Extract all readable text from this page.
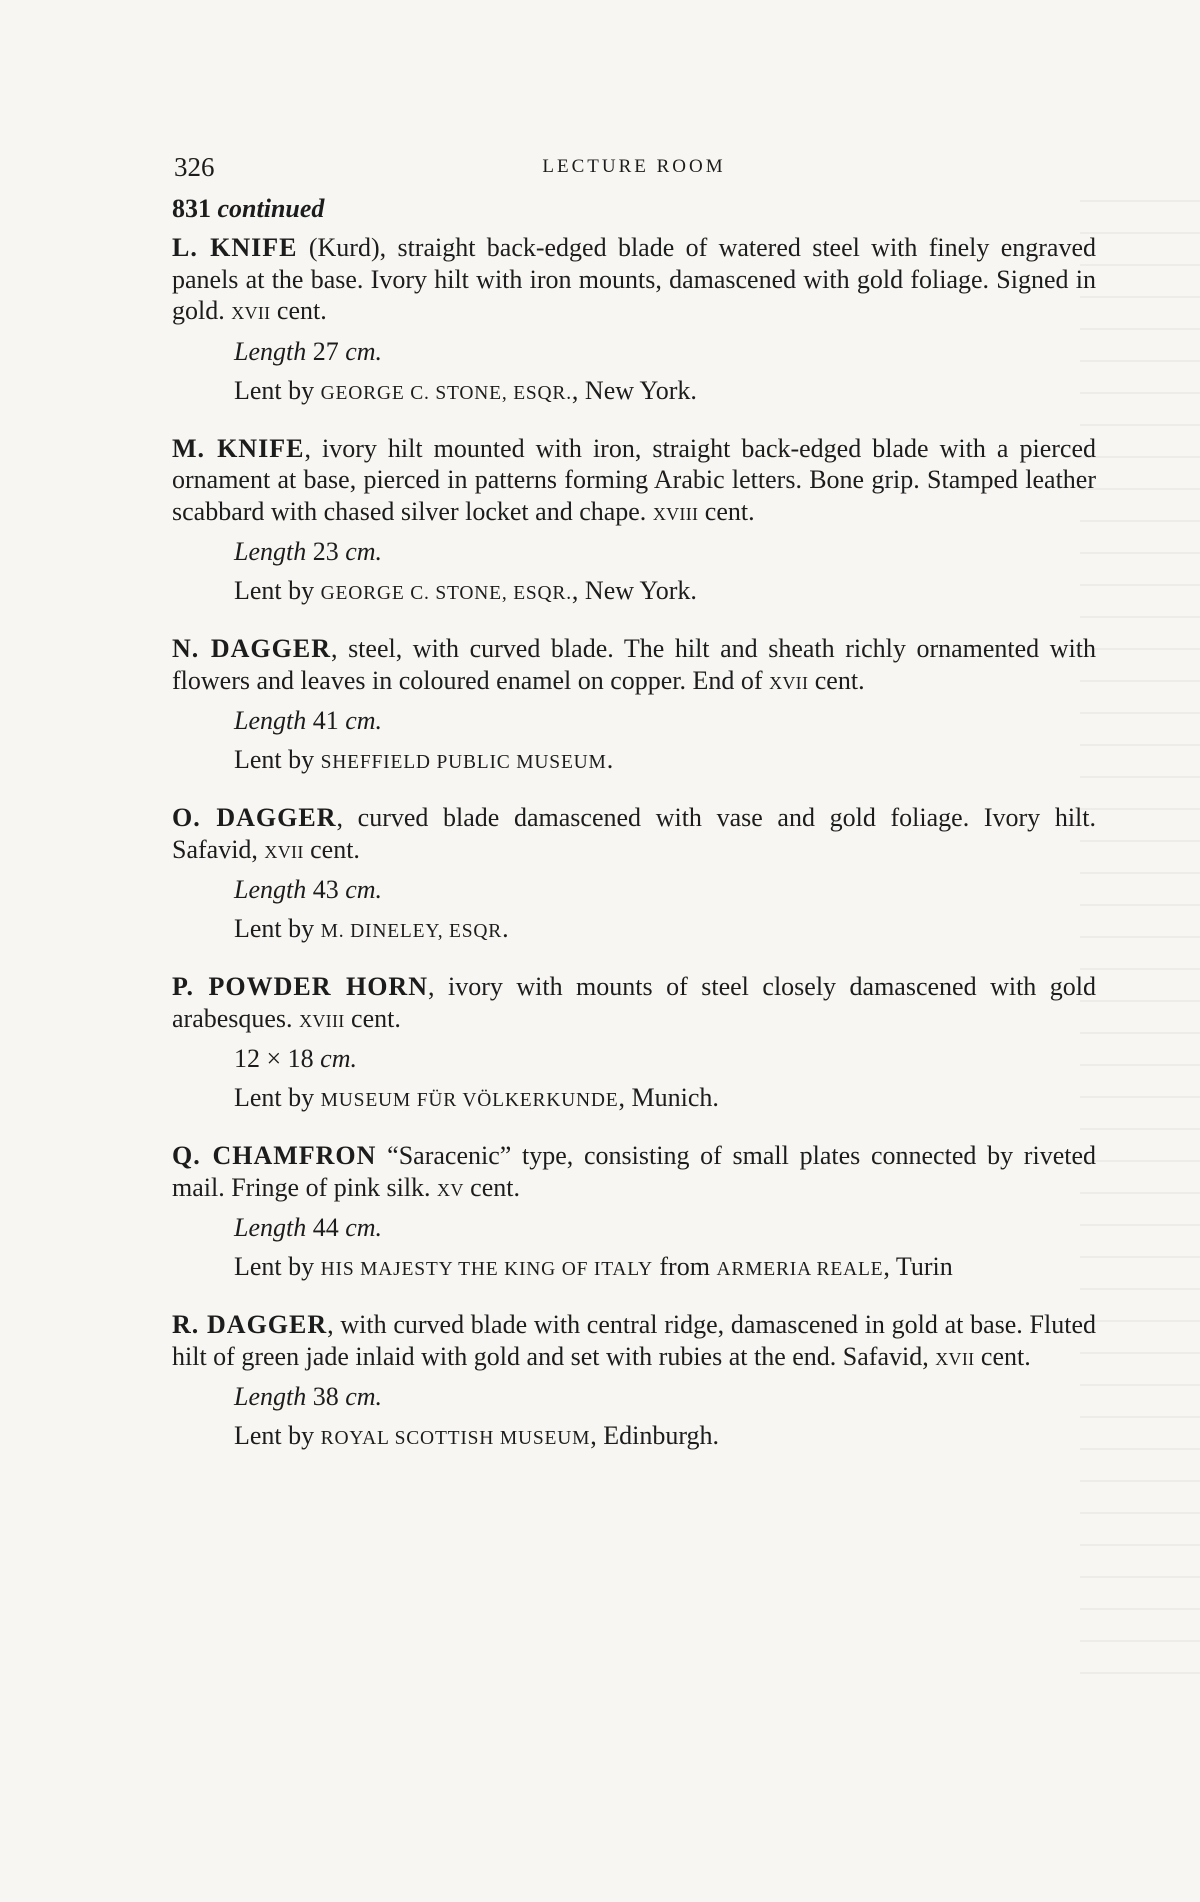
326	LECTURE ROOM

831 continued

L. KNIFE (Kurd), straight back-edged blade of watered steel with finely engraved panels at the base. Ivory hilt with iron mounts, damascened with gold foliage. Signed in gold. xvii cent.

Length 27 cm.

Lent by GEORGE C. STONE, ESQR., New York.

M. KNIFE, ivory hilt mounted with iron, straight back-edged blade with a pierced ornament at base, pierced in patterns forming Arabic letters. Bone grip. Stamped leather scabbard with chased silver locket and chape. xviii cent.

Length 23 cm.

Lent by GEORGE C. STONE, ESQR., New York.

N. DAGGER, steel, with curved blade. The hilt and sheath richly ornamented with flowers and leaves in coloured enamel on copper. End of xvii cent.

Length 41 cm.

Lent by SHEFFIELD PUBLIC MUSEUM.

O. DAGGER, curved blade damascened with vase and gold foliage. Ivory hilt. Safavid, xvii cent.

Length 43 cm.

Lent by M. DINELEY, ESQR.

P. POWDER HORN, ivory with mounts of steel closely damascened with gold arabesques. xviii cent.

12 × 18 cm.

Lent by MUSEUM FÜR VÖLKERKUNDE, Munich.

Q. CHAMFRON “Saracenic” type, consisting of small plates connected by riveted mail. Fringe of pink silk. xv cent.

Length 44 cm.

Lent by HIS MAJESTY THE KING OF ITALY from ARMERIA REALE, Turin

R. DAGGER, with curved blade with central ridge, damascened in gold at base. Fluted hilt of green jade inlaid with gold and set with rubies at the end. Safavid, xvii cent.

Length 38 cm.

Lent by ROYAL SCOTTISH MUSEUM, Edinburgh.
